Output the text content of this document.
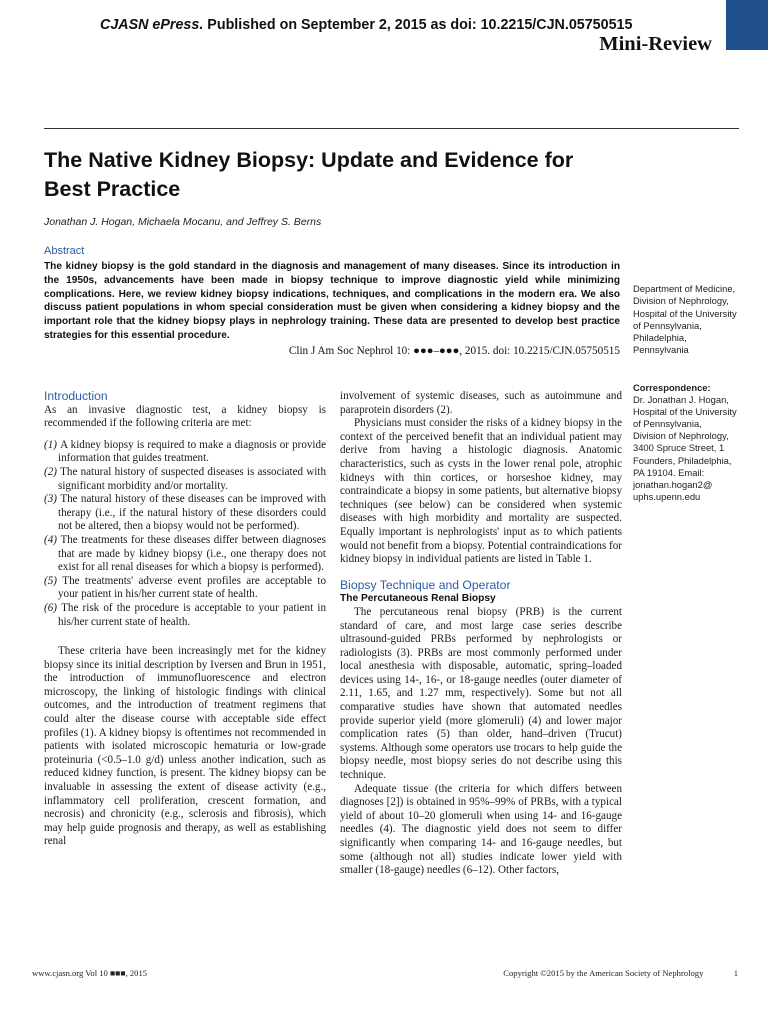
CJASN ePress. Published on September 2, 2015 as doi: 10.2215/CJN.05750515
Mini-Review
The Native Kidney Biopsy: Update and Evidence for
Best Practice
Jonathan J. Hogan, Michaela Mocanu, and Jeffrey S. Berns
Abstract
The kidney biopsy is the gold standard in the diagnosis and management of many diseases. Since its introduction in the 1950s, advancements have been made in biopsy technique to improve diagnostic yield while minimizing complications. Here, we review kidney biopsy indications, techniques, and complications in the modern era. We also discuss patient populations in whom special consideration must be given when considering a kidney biopsy and the important role that the kidney biopsy plays in nephrology training. These data are presented to develop best practice strategies for this essential procedure.
Clin J Am Soc Nephrol 10: ●●●–●●●, 2015. doi: 10.2215/CJN.05750515
Department of Medicine, Division of Nephrology, Hospital of the University of Pennsylvania, Philadelphia, Pennsylvania
Correspondence:
Dr. Jonathan J. Hogan, Hospital of the University of Pennsylvania, Division of Nephrology, 3400 Spruce Street, 1 Founders, Philadelphia, PA 19104. Email: jonathan.hogan2@ uphs.upenn.edu
Introduction

As an invasive diagnostic test, a kidney biopsy is recommended if the following criteria are met:

(1) A kidney biopsy is required to make a diagnosis or provide information that guides treatment.

(2) The natural history of suspected diseases is associated with significant morbidity and/or mortality.

(3) The natural history of these diseases can be improved with therapy (i.e., if the natural history of these disorders could not be altered, then a biopsy would not be performed).

(4) The treatments for these diseases differ between diagnoses that are made by kidney biopsy (i.e., one therapy does not exist for all renal diseases for which a biopsy is performed).

(5) The treatments' adverse event profiles are acceptable to your patient in his/her current state of health.

(6) The risk of the procedure is acceptable to your patient in his/her current state of health.

These criteria have been increasingly met for the kidney biopsy since its initial description by Iversen and Brun in 1951, the introduction of immunofluorescence and electron microscopy, the linking of histologic findings with clinical outcomes, and the introduction of treatment regimens that could alter the disease course with acceptable side effect profiles (1). A kidney biopsy is oftentimes not recommended in patients with isolated microscopic hematuria or low-grade proteinuria (<0.5–1.0 g/d) unless another indication, such as reduced kidney function, is present. The kidney biopsy can be invaluable in assessing the extent of disease activity (e.g., inflammatory cell proliferation, crescent formation, and necrosis) and chronicity (e.g., sclerosis and fibrosis), which may help guide prognosis and therapy, as well as establishing renal

involvement of systemic diseases, such as autoimmune and paraprotein disorders (2).

Physicians must consider the risks of a kidney biopsy in the context of the perceived benefit that an individual patient may derive from having a histologic diagnosis. Anatomic characteristics, such as cysts in the lower renal pole, atrophic kidneys with thin cortices, or horseshoe kidney, may contraindicate a biopsy in some patients, but alternative biopsy techniques (see below) can be considered when systemic diseases with high morbidity and mortality are suspected. Equally important is nephrologists' input as to which patients would not benefit from a biopsy. Potential contraindications for kidney biopsy in individual patients are listed in Table 1.

Biopsy Technique and Operator
The Percutaneous Renal Biopsy

The percutaneous renal biopsy (PRB) is the current standard of care, and most large case series describe ultrasound-guided PRBs performed by nephrologists or radiologists (3). PRBs are most commonly performed under local anesthesia with disposable, automatic, spring–loaded devices using 14-, 16-, or 18-gauge needles (outer diameter of 2.11, 1.65, and 1.27 mm, respectively). Some but not all comparative studies have shown that automated needles provide superior yield (more glomeruli) (4) and lower major complication rates (5) than older, hand–driven (Trucut) systems. Although some operators use trocars to help guide the biopsy needle, most biopsy series do not describe using this technique.

Adequate tissue (the criteria for which differs between diagnoses [2]) is obtained in 95%–99% of PRBs, with a typical yield of about 10–20 glomeruli when using 14- and 16-gauge needles (4). The diagnostic yield does not seem to differ significantly when comparing 14- and 16-gauge needles, but some (although not all) studies indicate lower yield with smaller (18-gauge) needles (6–12). Other factors,

www.cjasn.org Vol 10 ■■■, 2015	Copyright ©2015 by the American Society of Nephrology	1
